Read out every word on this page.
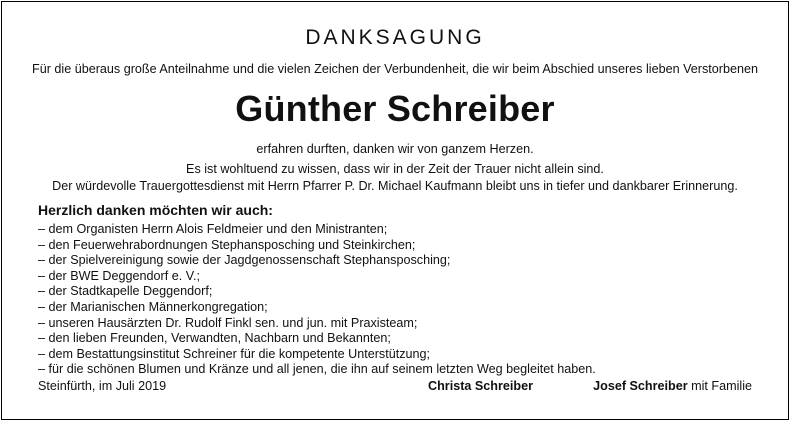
DANKSAGUNG
Für die überaus große Anteilnahme und die vielen Zeichen der Verbundenheit, die wir beim Abschied unseres lieben Verstorbenen
Günther Schreiber
erfahren durften, danken wir von ganzem Herzen.
Es ist wohltuend zu wissen, dass wir in der Zeit der Trauer nicht allein sind.
Der würdevolle Trauergottesdienst mit Herrn Pfarrer P. Dr. Michael Kaufmann bleibt uns in tiefer und dankbarer Erinnerung.
Herzlich danken möchten wir auch:
– dem Organisten Herrn Alois Feldmeier und den Ministranten;
– den Feuerwehrabordnungen Stephansposching und Steinkirchen;
– der Spielvereinigung sowie der Jagdgenossenschaft Stephansposching;
– der BWE Deggendorf e. V.;
– der Stadtkapelle Deggendorf;
– der Marianischen Männerkongregation;
– unseren Hausärzten Dr. Rudolf Finkl sen. und jun. mit Praxisteam;
– den lieben Freunden, Verwandten, Nachbarn und Bekannten;
– dem Bestattungsinstitut Schreiner für die kompetente Unterstützung;
– für die schönen Blumen und Kränze und all jenen, die ihn auf seinem letzten Weg begleitet haben.
Steinfürth, im Juli 2019	Christa Schreiber	Josef Schreiber mit Familie
